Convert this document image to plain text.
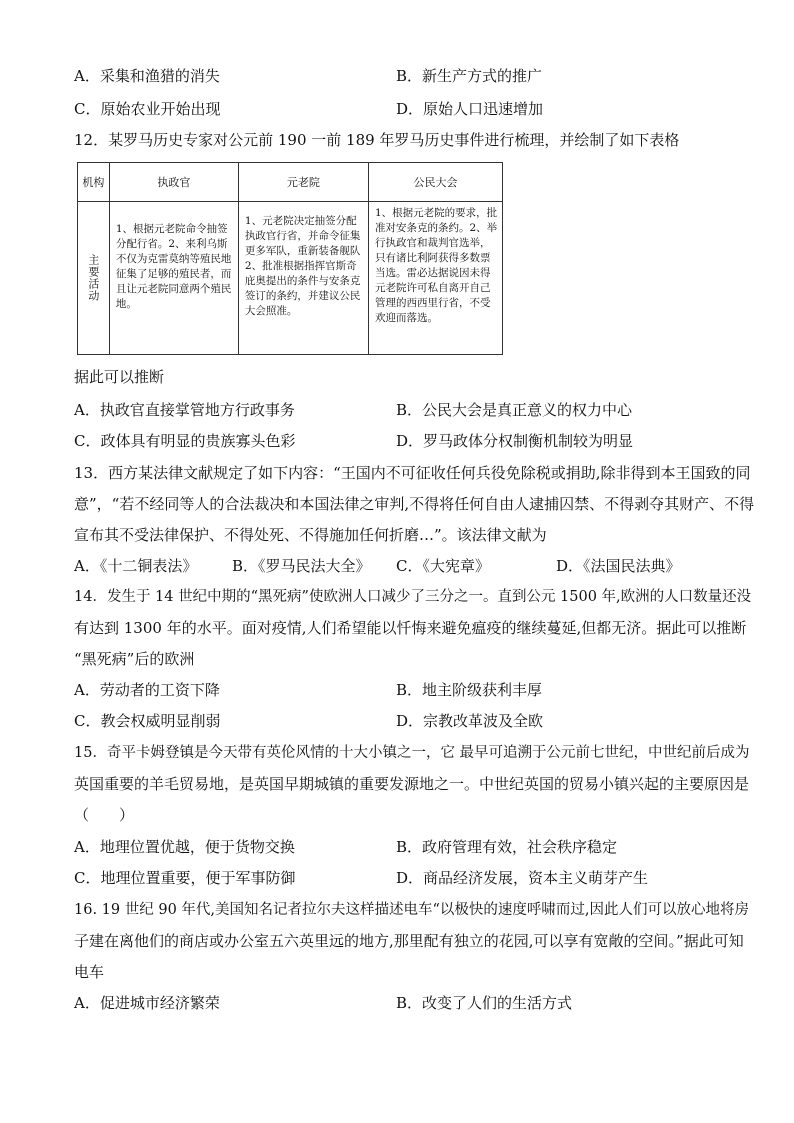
A．采集和渔猎的消失	B．新生产方式的推广
C．原始农业开始出现	D．原始人口迅速增加
12．某罗马历史专家对公元前 190 一前 189 年罗马历史事件进行梳理，并绘制了如下表格
机构	执政官	元老院	公民大会

主要活动	1、根据元老院命令抽签分配行省。2、来利乌斯不仅为克雷莫纳等殖民地征集了足够的殖民者，而且让元老院同意两个殖民地。	1、元老院决定抽签分配执政官行省，并命令征集更多军队，重新装备舰队2、批准根据指挥官斯奇庇奥提出的条件与安条克签订的条约，并建议公民大会照准。	1、根据元老院的要求，批准对安条克的条约。2、举行执政官和裁判官选举，只有诸比利阿获得多数票当选。雷必达据说因未得元老院许可私自离开自己管理的西西里行省，不受欢迎而落选。
据此可以推断
A．执政官直接掌管地方行政事务	B．公民大会是真正意义的权力中心
C．政体具有明显的贵族寡头色彩	D．罗马政体分权制衡机制较为明显
13．西方某法律文献规定了如下内容：“王国内不可征收任何兵役免除税或捐助,除非得到本王国致的同
意”，“若不经同等人的合法裁决和本国法律之审判,不得将任何自由人逮捕囚禁、不得剥夺其财产、不得
宣布其不受法律保护、不得处死、不得施加任何折磨…”。该法律文献为
A．《十二铜表法》 B．《罗马民法大全》 C．《大宪章》	D．《法国民法典》
14．发生于 14 世纪中期的“黑死病”使欧洲人口减少了三分之一。直到公元 1500 年,欧洲的人口数量还没
有达到 1300 年的水平。面对疫情,人们希望能以忏悔来避免瘟疫的继续蔓延,但都无济。据此可以推断
“黑死病”后的欧洲
A．劳动者的工资下降	B．地主阶级获利丰厚
C．教会权威明显削弱	D．宗教改革波及全欧
15．奇平卡姆登镇是今天带有英伦风情的十大小镇之一，它 最早可追溯于公元前七世纪，中世纪前后成为
英国重要的羊毛贸易地，是英国早期城镇的重要发源地之一。中世纪英国的贸易小镇兴起的主要原因是
（　　）
A．地理位置优越，便于货物交换	B．政府管理有效，社会秩序稳定
C．地理位置重要，便于军事防御	D．商品经济发展，资本主义萌芽产生
16. 19 世纪 90 年代,美国知名记者拉尔夫这样描述电车“以极快的速度呼啸而过,因此人们可以放心地将房
子建在离他们的商店或办公室五六英里远的地方,那里配有独立的花园,可以享有宽敞的空间。”据此可知
电车
A．促进城市经济繁荣	B．改变了人们的生活方式
